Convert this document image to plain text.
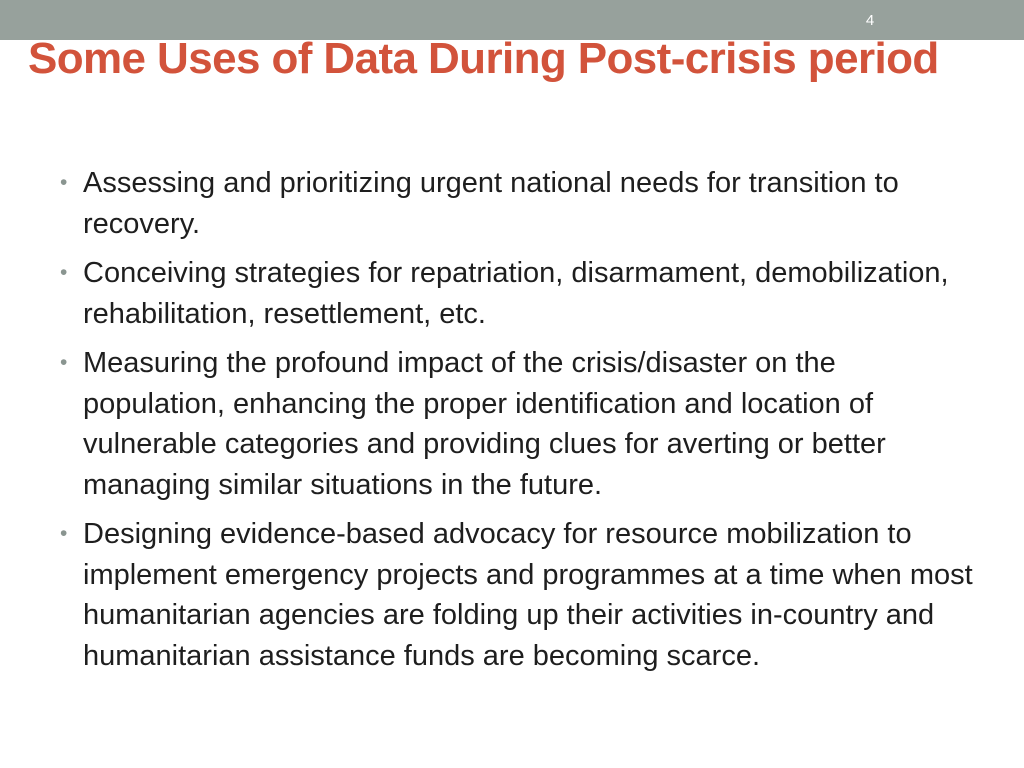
4
Some Uses of Data During Post-crisis period
• Assessing and prioritizing urgent national needs for transition to recovery.
• Conceiving strategies for repatriation, disarmament, demobilization, rehabilitation, resettlement, etc.
• Measuring the profound impact of the crisis/disaster on the population, enhancing the proper identification and location of vulnerable categories and providing clues for averting or better managing similar situations in the future.
• Designing evidence-based advocacy for resource mobilization to implement emergency projects and programmes at a time when most humanitarian agencies are folding up their activities in-country and humanitarian assistance funds are becoming scarce.
